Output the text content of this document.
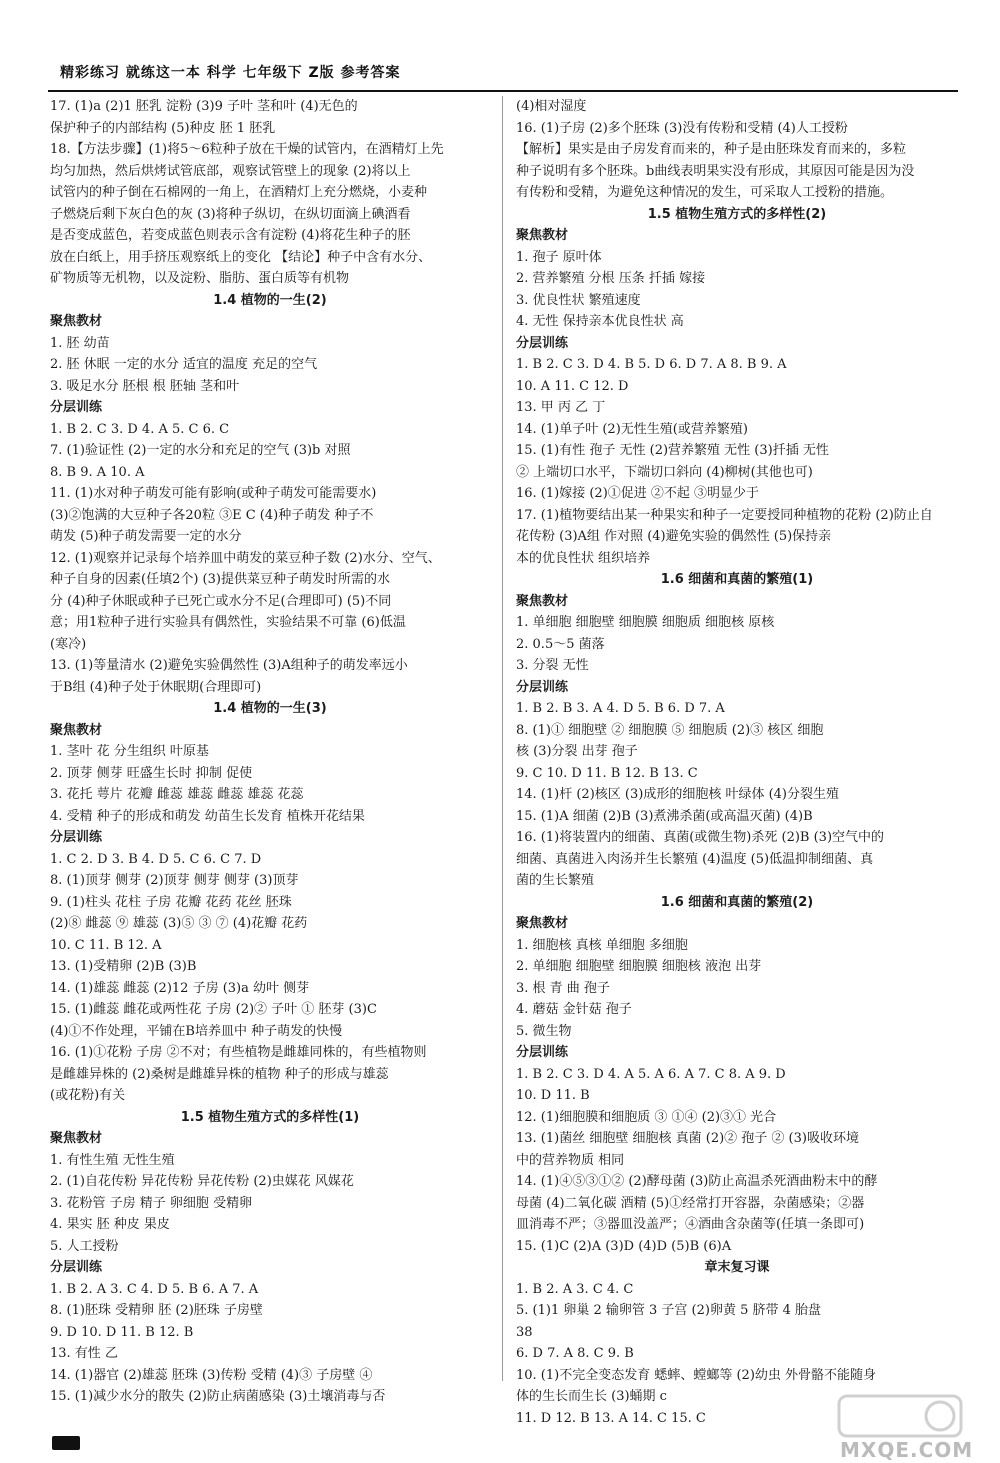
精彩练习 就练这一本 科学 七年级下 Z版 参考答案
17. (1)a (2)1 胚乳 淀粉 (3)9 子叶 茎和叶 (4)无色的
保护种子的内部结构 (5)种皮 胚 1 胚乳
18.【方法步骤】(1)将5～6粒种子放在干燥的试管内，在酒精灯上先
均匀加热，然后烘烤试管底部，观察试管壁上的现象 (2)将以上
试管内的种子倒在石棉网的一角上，在酒精灯上充分燃烧，小麦种
子燃烧后剩下灰白色的灰 (3)将种子纵切，在纵切面滴上碘酒看
是否变成蓝色，若变成蓝色则表示含有淀粉 (4)将花生种子的胚
放在白纸上，用手挤压观察纸上的变化 【结论】种子中含有水分、
矿物质等无机物，以及淀粉、脂肪、蛋白质等有机物
1.4 植物的一生(2)
聚焦教材
1. 胚 幼苗
2. 胚 休眠 一定的水分 适宜的温度 充足的空气
3. 吸足水分 胚根 根 胚轴 茎和叶
分层训练
1. B 2. C 3. D 4. A 5. C 6. C
7. (1)验证性 (2)一定的水分和充足的空气 (3)b 对照
8. B 9. A 10. A
11. (1)水对种子萌发可能有影响(或种子萌发可能需要水)
(3)②饱满的大豆种子各20粒 ③E C (4)种子萌发 种子不
萌发 (5)种子萌发需要一定的水分
12. (1)观察并记录每个培养皿中萌发的菜豆种子数 (2)水分、空气、
种子自身的因素(任填2个) (3)提供菜豆种子萌发时所需的水
分 (4)种子休眠或种子已死亡或水分不足(合理即可) (5)不同
意；用1粒种子进行实验具有偶然性，实验结果不可靠 (6)低温
(寒冷)
13. (1)等量清水 (2)避免实验偶然性 (3)A组种子的萌发率远小
于B组 (4)种子处于休眠期(合理即可)
1.4 植物的一生(3)
聚焦教材
1. 茎叶 花 分生组织 叶原基
2. 顶芽 侧芽 旺盛生长时 抑制 促使
3. 花托 萼片 花瓣 雌蕊 雄蕊 雌蕊 雄蕊 花蕊
4. 受精 种子的形成和萌发 幼苗生长发育 植株开花结果
分层训练
1. C 2. D 3. B 4. D 5. C 6. C 7. D
8. (1)顶芽 侧芽 (2)顶芽 侧芽 侧芽 (3)顶芽
9. (1)柱头 花柱 子房 花瓣 花药 花丝 胚珠
(2)⑧ 雌蕊 ⑨ 雄蕊 (3)⑤ ③ ⑦ (4)花瓣 花药
10. C 11. B 12. A
13. (1)受精卵 (2)B (3)B
14. (1)雄蕊 雌蕊 (2)12 子房 (3)a 幼叶 侧芽
15. (1)雌蕊 雌花或两性花 子房 (2)② 子叶 ① 胚芽 (3)C
(4)①不作处理，平铺在B培养皿中 种子萌发的快慢
16. (1)①花粉 子房 ②不对；有些植物是雌雄同株的，有些植物则
是雌雄异株的 (2)桑树是雌雄异株的植物 种子的形成与雄蕊
(或花粉)有关
1.5 植物生殖方式的多样性(1)
聚焦教材
1. 有性生殖 无性生殖
2. (1)自花传粉 异花传粉 异花传粉 (2)虫媒花 风媒花
3. 花粉管 子房 精子 卵细胞 受精卵
4. 果实 胚 种皮 果皮
5. 人工授粉
分层训练
1. B 2. A 3. C 4. D 5. B 6. A 7. A
8. (1)胚珠 受精卵 胚 (2)胚珠 子房壁
9. D 10. D 11. B 12. B
13. 有性 乙
14. (1)器官 (2)雄蕊 胚珠 (3)传粉 受精 (4)③ 子房壁 ④
15. (1)减少水分的散失 (2)防止病菌感染 (3)土壤消毒与否
(4)相对湿度
16. (1)子房 (2)多个胚珠 (3)没有传粉和受精 (4)人工授粉
【解析】果实是由子房发育而来的，种子是由胚珠发育而来的，多粒
种子说明有多个胚珠。b曲线表明果实没有形成，其原因可能是因为没
有传粉和受精，为避免这种情况的发生，可采取人工授粉的措施。
1.5 植物生殖方式的多样性(2)
聚焦教材
1. 孢子 原叶体
2. 营养繁殖 分根 压条 扦插 嫁接
3. 优良性状 繁殖速度
4. 无性 保持亲本优良性状 高
分层训练
1. B 2. C 3. D 4. B 5. D 6. D 7. A 8. B 9. A
10. A 11. C 12. D
13. 甲 丙 乙 丁
14. (1)单子叶 (2)无性生殖(或营养繁殖)
15. (1)有性 孢子 无性 (2)营养繁殖 无性 (3)扦插 无性
② 上端切口水平，下端切口斜向 (4)柳树(其他也可)
16. (1)嫁接 (2)①促进 ②不起 ③明显少于
17. (1)植物要结出某一种果实和种子一定要授同种植物的花粉 (2)防止自
花传粉 (3)A组 作对照 (4)避免实验的偶然性 (5)保持亲
本的优良性状 组织培养
1.6 细菌和真菌的繁殖(1)
聚焦教材
1. 单细胞 细胞壁 细胞膜 细胞质 细胞核 原核
2. 0.5～5 菌落
3. 分裂 无性
分层训练
1. B 2. B 3. A 4. D 5. B 6. D 7. A
8. (1)① 细胞壁 ② 细胞膜 ⑤ 细胞质 (2)③ 核区 细胞
核 (3)分裂 出芽 孢子
9. C 10. D 11. B 12. B 13. C
14. (1)杆 (2)核区 (3)成形的细胞核 叶绿体 (4)分裂生殖
15. (1)A 细菌 (2)B (3)煮沸杀菌(或高温灭菌) (4)B
16. (1)将装置内的细菌、真菌(或微生物)杀死 (2)B (3)空气中的
细菌、真菌进入肉汤并生长繁殖 (4)温度 (5)低温抑制细菌、真
菌的生长繁殖
1.6 细菌和真菌的繁殖(2)
聚焦教材
1. 细胞核 真核 单细胞 多细胞
2. 单细胞 细胞壁 细胞膜 细胞核 液泡 出芽
3. 根 青 曲 孢子
4. 蘑菇 金针菇 孢子
5. 微生物
分层训练
1. B 2. C 3. D 4. A 5. A 6. A 7. C 8. A 9. D
10. D 11. B
12. (1)细胞膜和细胞质 ③ ①④ (2)③① 光合
13. (1)菌丝 细胞壁 细胞核 真菌 (2)② 孢子 ② (3)吸收环境
中的营养物质 相同
14. (1)④⑤③①② (2)酵母菌 (3)防止高温杀死酒曲粉末中的酵
母菌 (4)二氧化碳 酒精 (5)①经常打开容器，杂菌感染；②器
皿消毒不严；③器皿没盖严；④酒曲含杂菌等(任填一条即可)
15. (1)C (2)A (3)D (4)D (5)B (6)A
章末复习课
1. B 2. A 3. C 4. C
5. (1)1 卵巢 2 输卵管 3 子宫 (2)卵黄 5 脐带 4 胎盘
38
6. D 7. A 8. C 9. B
10. (1)不完全变态发育 蟋蟀、螳螂等 (2)幼虫 外骨骼不能随身
体的生长而生长 (3)蛹期 c
11. D 12. B 13. A 14. C 15. C
MXQE.COM
